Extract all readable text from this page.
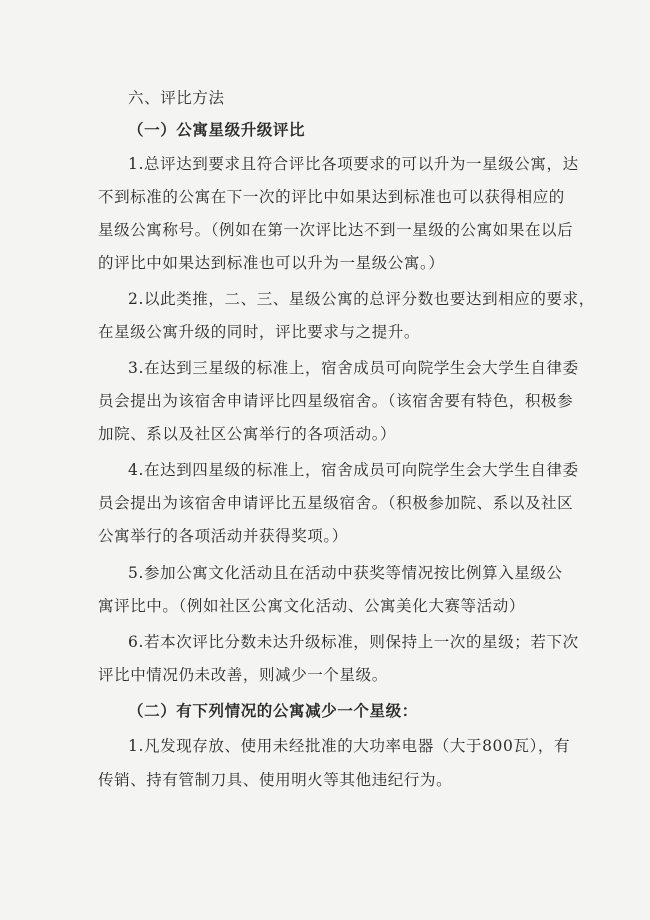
六、评比方法
（一）公寓星级升级评比
1.总评达到要求且符合评比各项要求的可以升为一星级公寓，达
不到标准的公寓在下一次的评比中如果达到标准也可以获得相应的
星级公寓称号。（例如在第一次评比达不到一星级的公寓如果在以后
的评比中如果达到标准也可以升为一星级公寓。）
2.以此类推，二、三、星级公寓的总评分数也要达到相应的要求，
在星级公寓升级的同时，评比要求与之提升。
3.在达到三星级的标准上，宿舍成员可向院学生会大学生自律委
员会提出为该宿舍申请评比四星级宿舍。（该宿舍要有特色，积极参
加院、系以及社区公寓举行的各项活动。）
4.在达到四星级的标准上，宿舍成员可向院学生会大学生自律委
员会提出为该宿舍申请评比五星级宿舍。（积极参加院、系以及社区
公寓举行的各项活动并获得奖项。）
5.参加公寓文化活动且在活动中获奖等情况按比例算入星级公
寓评比中。（例如社区公寓文化活动、公寓美化大赛等活动）
6.若本次评比分数未达升级标准，则保持上一次的星级；若下次
评比中情况仍未改善，则减少一个星级。
（二）有下列情况的公寓减少一个星级：
1.凡发现存放、使用未经批准的大功率电器（大于800瓦），有
传销、持有管制刀具、使用明火等其他违纪行为。
